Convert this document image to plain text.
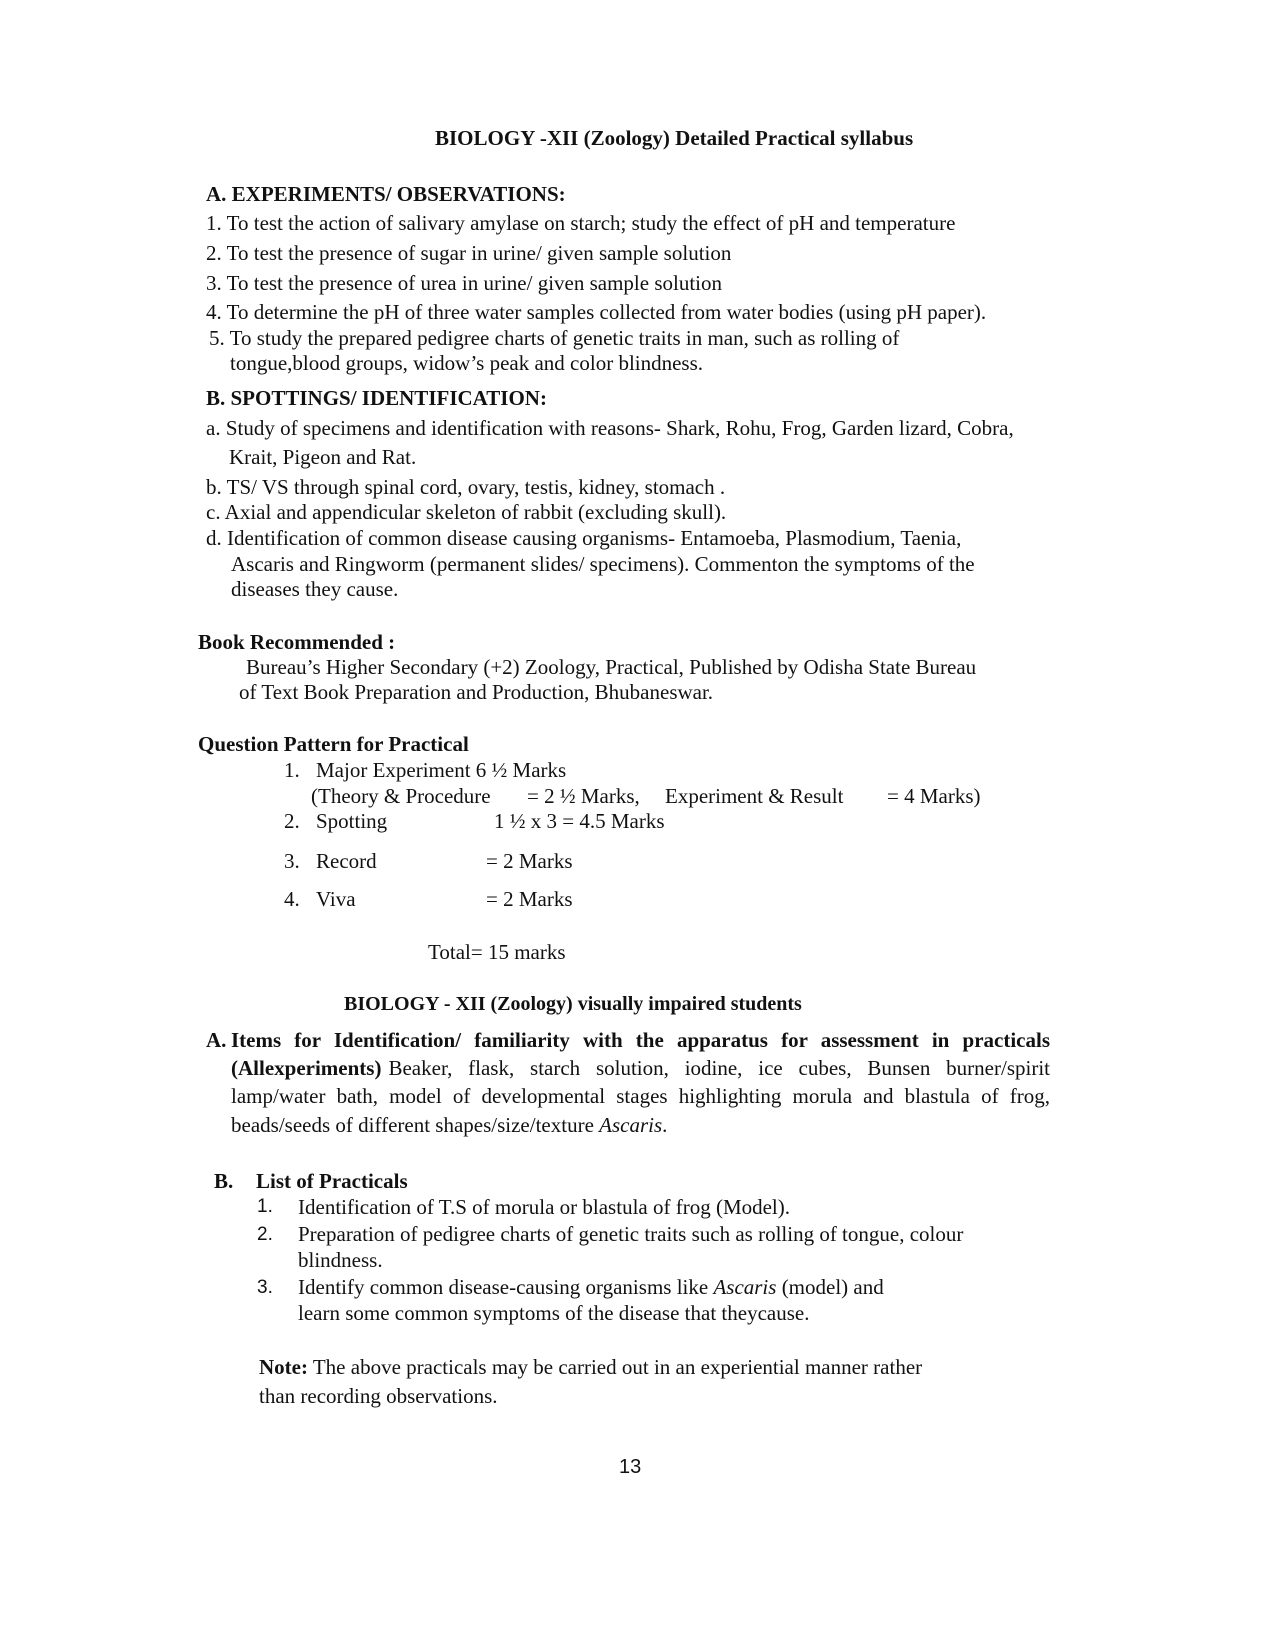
BIOLOGY -XII (Zoology) Detailed Practical syllabus
A. EXPERIMENTS/ OBSERVATIONS:
1. To test the action of salivary amylase on starch; study the effect of pH and temperature
2. To test the presence of sugar in urine/ given sample solution
3. To test the presence of urea in urine/ given sample solution
4. To determine the pH of three water samples collected from water bodies (using pH paper).
5. To study the prepared pedigree charts of genetic traits in man, such as rolling of
tongue,blood groups, widow’s peak and color blindness.
B. SPOTTINGS/ IDENTIFICATION:
a. Study of specimens and identification with reasons- Shark, Rohu, Frog, Garden lizard, Cobra,
Krait, Pigeon and Rat.
b. TS/ VS through spinal cord, ovary, testis, kidney, stomach .
c. Axial and appendicular skeleton of rabbit (excluding skull).
d. Identification of common disease causing organisms- Entamoeba, Plasmodium, Taenia,
Ascaris and Ringworm (permanent slides/ specimens). Commenton the symptoms of the
diseases they cause.
Book Recommended :
Bureau’s Higher Secondary (+2) Zoology, Practical, Published by Odisha State Bureau
of Text Book Preparation and Production, Bhubaneswar.
Question Pattern for Practical
1. Major Experiment 6 ½ Marks
(Theory & Procedure = 2 ½ Marks, Experiment & Result = 4 Marks)
2. Spotting	1 ½ x 3 = 4.5 Marks
3. Record	= 2 Marks
4. Viva	= 2 Marks
Total= 15 marks
BIOLOGY - XII (Zoology) visually impaired students
A. Items for Identification/ familiarity with the apparatus for assessment in practicals
(Allexperiments) Beaker, flask, starch solution, iodine, ice cubes, Bunsen burner/spirit
lamp/water bath, model of developmental stages highlighting morula and blastula of frog,
beads/seeds of different shapes/size/texture Ascaris.
B. List of Practicals
1. Identification of T.S of morula or blastula of frog (Model).
2. Preparation of pedigree charts of genetic traits such as rolling of tongue, colour
blindness.
3. Identify common disease-causing organisms like Ascaris (model) and
learn some common symptoms of the disease that theycause.
Note: The above practicals may be carried out in an experiential manner rather
than recording observations.
13
